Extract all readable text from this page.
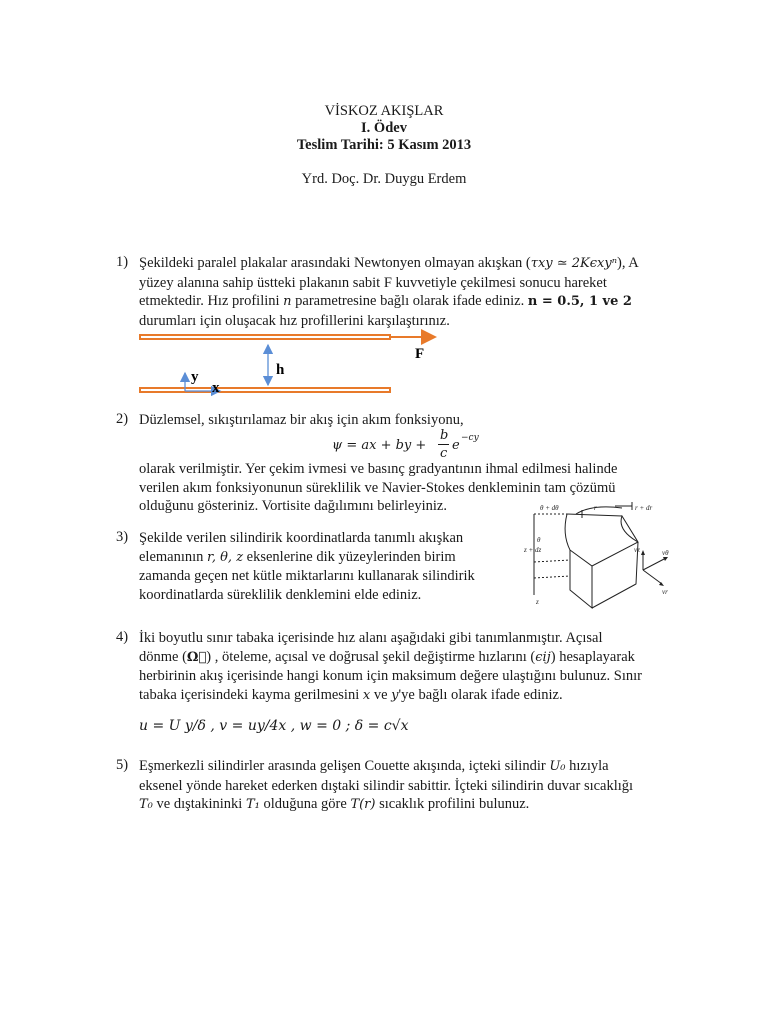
VİSKOZ AKIŞLAR
I. Ödev
Teslim Tarihi: 5 Kasım 2013
Yrd. Doç. Dr. Duygu Erdem
1) Şekildeki paralel plakalar arasındaki Newtonyen olmayan akışkan (τxy ≃ 2Kϵxyⁿ), A
yüzey alanına sahip üstteki plakanın sabit F kuvvetiyle çekilmesi sonucu hareket
etmektedir. Hız profilini n parametresine bağlı olarak ifade ediniz. n = 0.5, 1 ve 2
durumları için oluşacak hız profillerini karşılaştırınız.
F
h
y
x
2) Düzlemsel, sıkıştırılamaz bir akış için akım fonksiyonu,
ψ = ax + by +
b
c
e −cy
olarak verilmiştir. Yer çekim ivmesi ve basınç gradyantının ihmal edilmesi halinde
verilen akım fonksiyonunun süreklilik ve Navier-Stokes denkleminin tam çözümü
olduğunu gösteriniz. Vortisite dağılımını belirleyiniz.
3) Şekilde verilen silindirik koordinatlarda tanımlı akışkan
elemanının r, θ, z eksenlerine dik yüzeylerinden birim
zamanda geçen net kütle miktarlarını kullanarak silindirik
koordinatlarda süreklilik denklemini elde ediniz.
θ + dθ	r	r + dr
θ
z + dz
z
vz	vθ
vr
4) İki boyutlu sınır tabaka içerisinde hız alanı aşağıdaki gibi tanımlanmıştır. Açısal
dönme (Ω⃗) , öteleme, açısal ve doğrusal şekil değiştirme hızlarını (ϵij) hesaplayarak
herbirinin akış içerisinde hangi konum için maksimum değere ulaştığını bulunuz. Sınır
tabaka içerisindeki kayma gerilmesini x ve y'ye bağlı olarak ifade ediniz.
u = U y/δ , v = uy/4x , w = 0 ; δ = c√x
5) Eşmerkezli silindirler arasında gelişen Couette akışında, içteki silindir U₀ hızıyla
eksenel yönde hareket ederken dıştaki silindir sabittir. İçteki silindirin duvar sıcaklığı
T₀ ve dıştakininki T₁ olduğuna göre T(r) sıcaklık profilini bulunuz.
